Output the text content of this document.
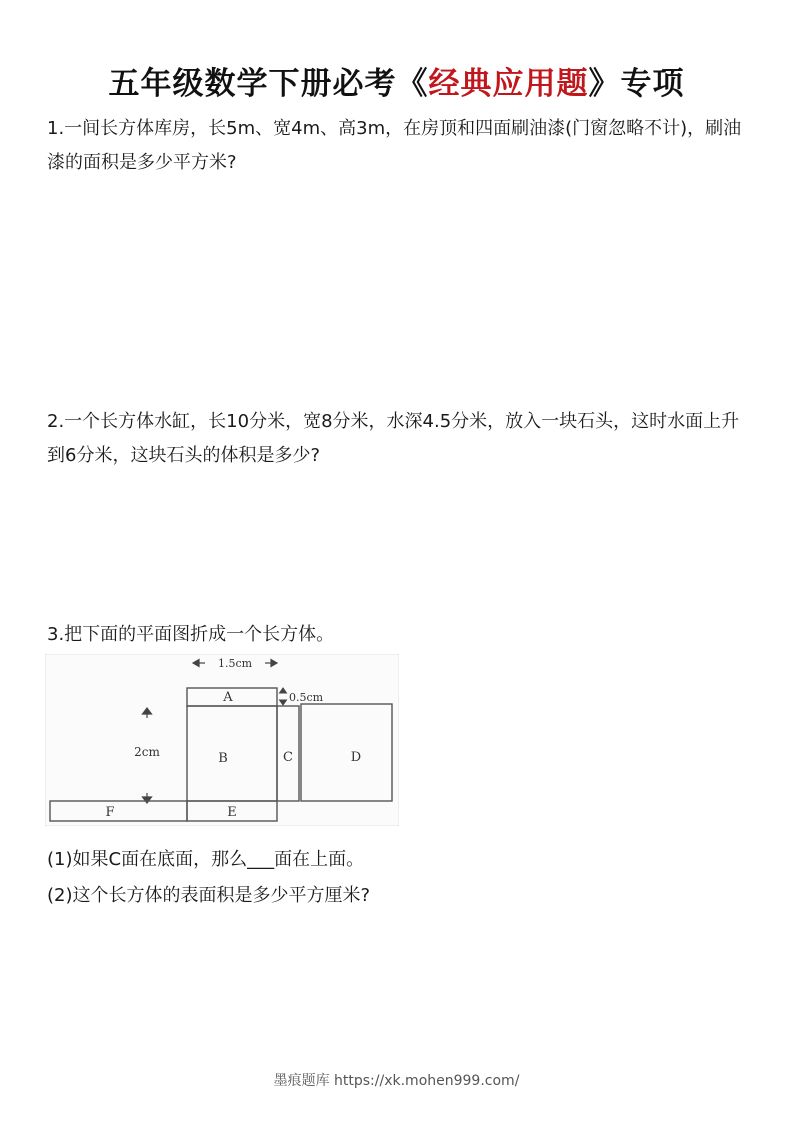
五年级数学下册必考《经典应用题》专项
1.一间长方体库房，长5m、宽4m、高3m，在房顶和四面刷油漆(门窗忽略不计)，刷油漆的面积是多少平方米?
2.一个长方体水缸，长10分米，宽8分米，水深4.5分米，放入一块石头，这时水面上升到6分米，这块石头的体积是多少?
3.把下面的平面图折成一个长方体。
1.5cm
0.5cm
2cm
A
B	C	D
E
F
(1)如果C面在底面，那么___面在上面。
(2)这个长方体的表面积是多少平方厘米?
墨痕题库 https://xk.mohen999.com/
